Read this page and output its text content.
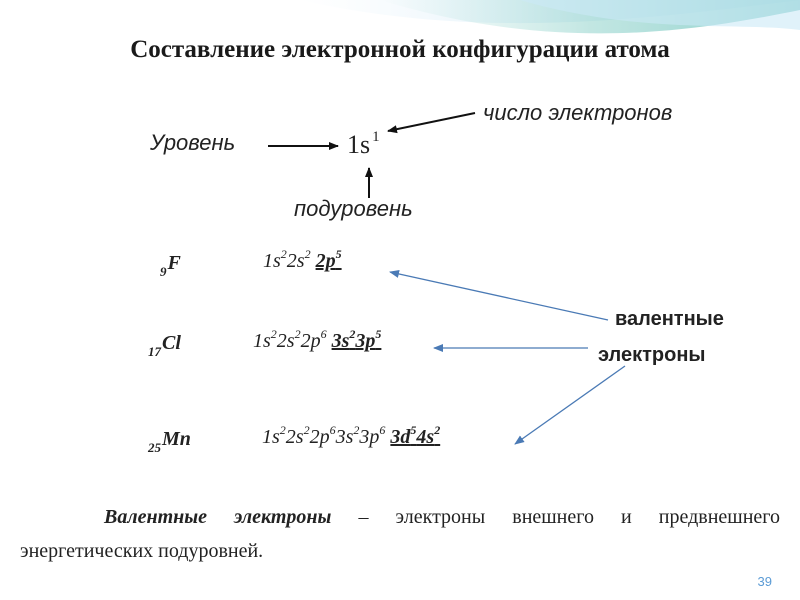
Составление электронной конфигурации атома
Уровень	1s $^1$
число электронов
подуровень
$_9$F	$1s^22s^2$ $2p^5$
$_{17}$Cl	$1s^22s^22p^6$ $3s^23p^5$
$_{25}$Mn	$1s^22s^22p^63s^23p^6$ $3d^54s^2$
валентные
электроны
Валентные электроны – электроны внешнего и предвнешнего энергетических подуровней.
39
